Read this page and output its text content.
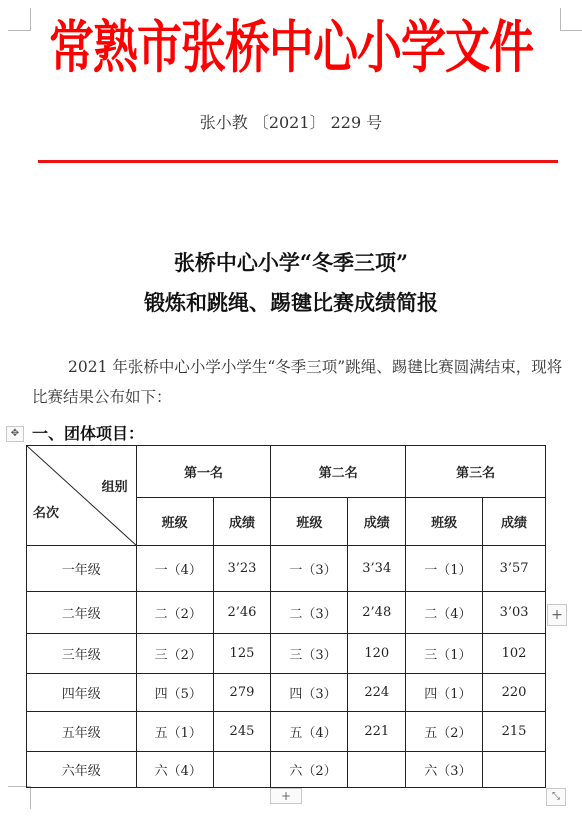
常熟市张桥中心小学文件
张小教 〔2021〕 229 号
张桥中心小学“冬季三项”
锻炼和跳绳、踢毽比赛成绩简报
2021 年张桥中心小学小学生“冬季三项”跳绳、踢毽比赛圆满结束，现将比赛结果公布如下：
✥ 一、团体项目：
组别
名次	第一名		第二名		第三名	
	班级	成绩	班级	成绩	班级	成绩
一年级	一（4）	3’23	一（3）	3’34	一（1）	3’57
二年级	二（2）	2’46	二（3）	2’48	二（4）	3’03
三年级	三（2）	125	三（3）	120	三（1）	102
四年级	四（5）	279	四（3）	224	四（1）	220
五年级	五（1）	245	五（4）	221	五（2）	215
六年级	六（4）		六（2）		六（3）	
+
+	⤡
